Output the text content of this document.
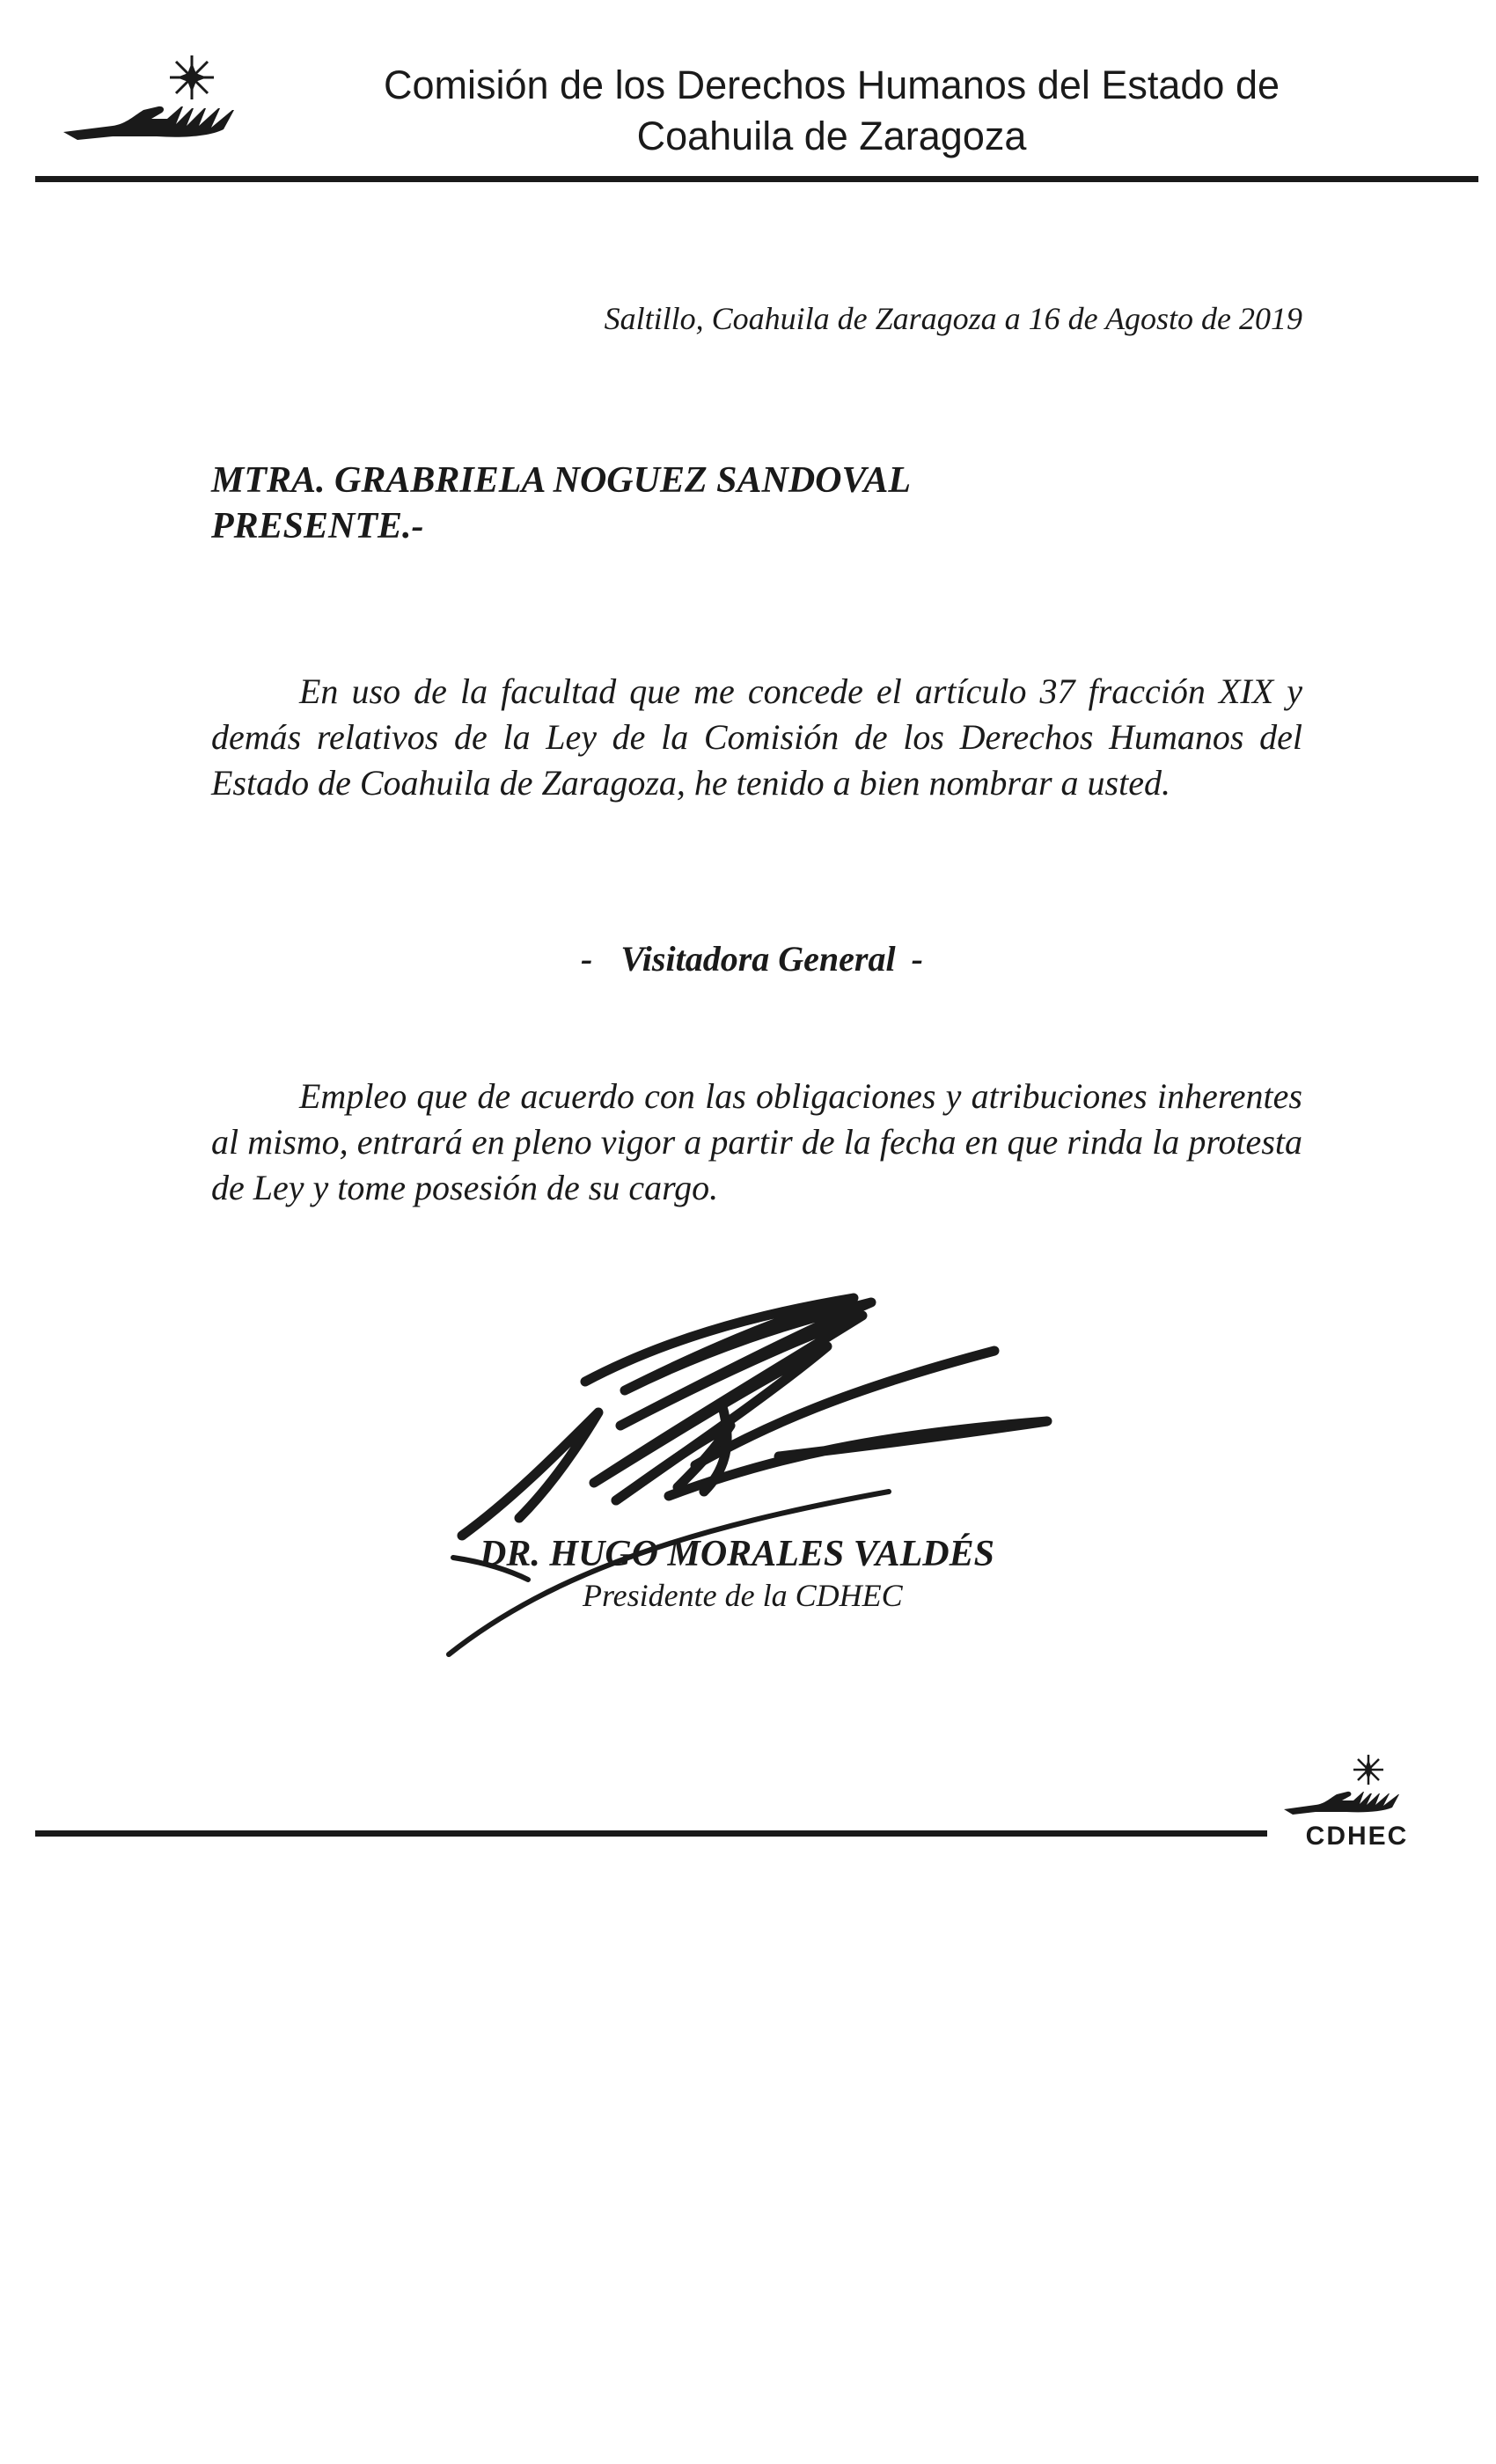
Comisión de los Derechos Humanos del Estado de
Coahuila de Zaragoza
Saltillo, Coahuila de Zaragoza a 16 de Agosto de 2019
MTRA. GRABRIELA NOGUEZ SANDOVAL
PRESENTE.-

En uso de la facultad que me concede el artículo 37 fracción XIX y demás relativos de la Ley de la Comisión de los Derechos Humanos del Estado de Coahuila de Zaragoza, he tenido a bien nombrar a usted.

- Visitadora General -

Empleo que de acuerdo con las obligaciones y atribuciones inherentes al mismo, entrará en pleno vigor a partir de la fecha en que rinda la protesta de Ley y tome posesión de su cargo.

DR. HUGO MORALES VALDÉS
Presidente de la CDHEC
CDHEC
